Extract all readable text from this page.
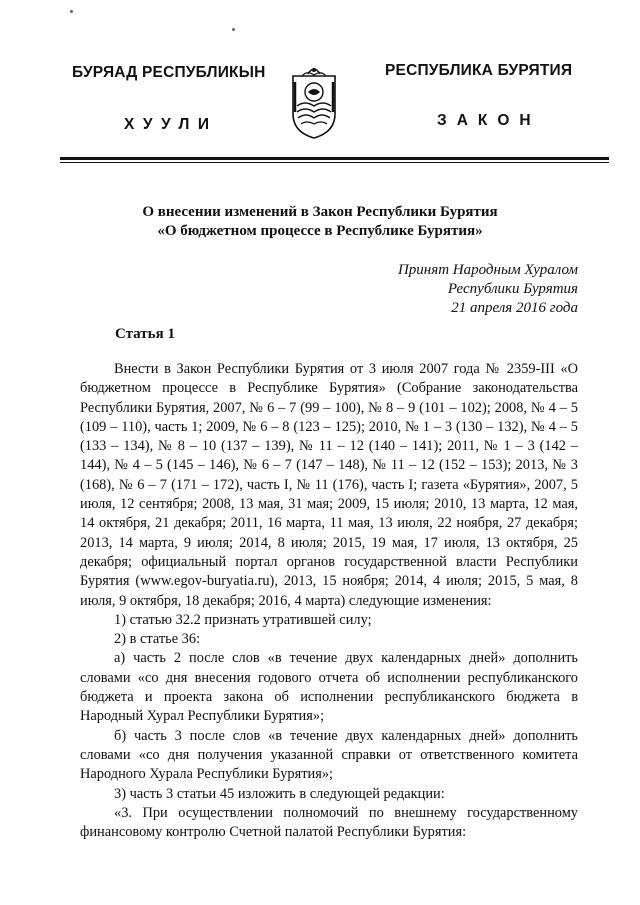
БУРЯАД РЕСПУБЛИКЫН	РЕСПУБЛИКА БУРЯТИЯ
ХУУЛИ	ЗАКОН
О внесении изменений в Закон Республики Бурятия
«О бюджетном процессе в Республике Бурятия»
Принят Народным Хуралом
Республики Бурятия
21 апреля 2016 года
Статья 1

Внести в Закон Республики Бурятия от 3 июля 2007 года № 2359-III «О бюджетном процессе в Республике Бурятия» (Собрание законодательства Республики Бурятия, 2007, № 6 – 7 (99 – 100), № 8 – 9 (101 – 102); 2008, № 4 – 5 (109 – 110), часть 1; 2009, № 6 – 8 (123 – 125); 2010, № 1 – 3 (130 – 132), № 4 – 5 (133 – 134), № 8 – 10 (137 – 139), № 11 – 12 (140 – 141); 2011, № 1 – 3 (142 – 144), № 4 – 5 (145 – 146), № 6 – 7 (147 – 148), № 11 – 12 (152 – 153); 2013, № 3 (168), № 6 – 7 (171 – 172), часть I, № 11 (176), часть I; газета «Бурятия», 2007, 5 июля, 12 сентября; 2008, 13 мая, 31 мая; 2009, 15 июля; 2010, 13 марта, 12 мая, 14 октября, 21 декабря; 2011, 16 марта, 11 мая, 13 июля, 22 ноября, 27 декабря; 2013, 14 марта, 9 июля; 2014, 8 июля; 2015, 19 мая, 17 июля, 13 октября, 25 декабря; официальный портал органов государственной власти Республики Бурятия (www.egov-buryatia.ru), 2013, 15 ноября; 2014, 4 июля; 2015, 5 мая, 8 июля, 9 октября, 18 декабря; 2016, 4 марта) следующие изменения:

1) статью 32.2 признать утратившей силу;

2) в статье 36:

а) часть 2 после слов «в течение двух календарных дней» дополнить словами «со дня внесения годового отчета об исполнении республиканского бюджета и проекта закона об исполнении республиканского бюджета в Народный Хурал Республики Бурятия»;

б) часть 3 после слов «в течение двух календарных дней» дополнить словами «со дня получения указанной справки от ответственного комитета Народного Хурала Республики Бурятия»;

3) часть 3 статьи 45 изложить в следующей редакции:

«3. При осуществлении полномочий по внешнему государственному финансовому контролю Счетной палатой Республики Бурятия:
